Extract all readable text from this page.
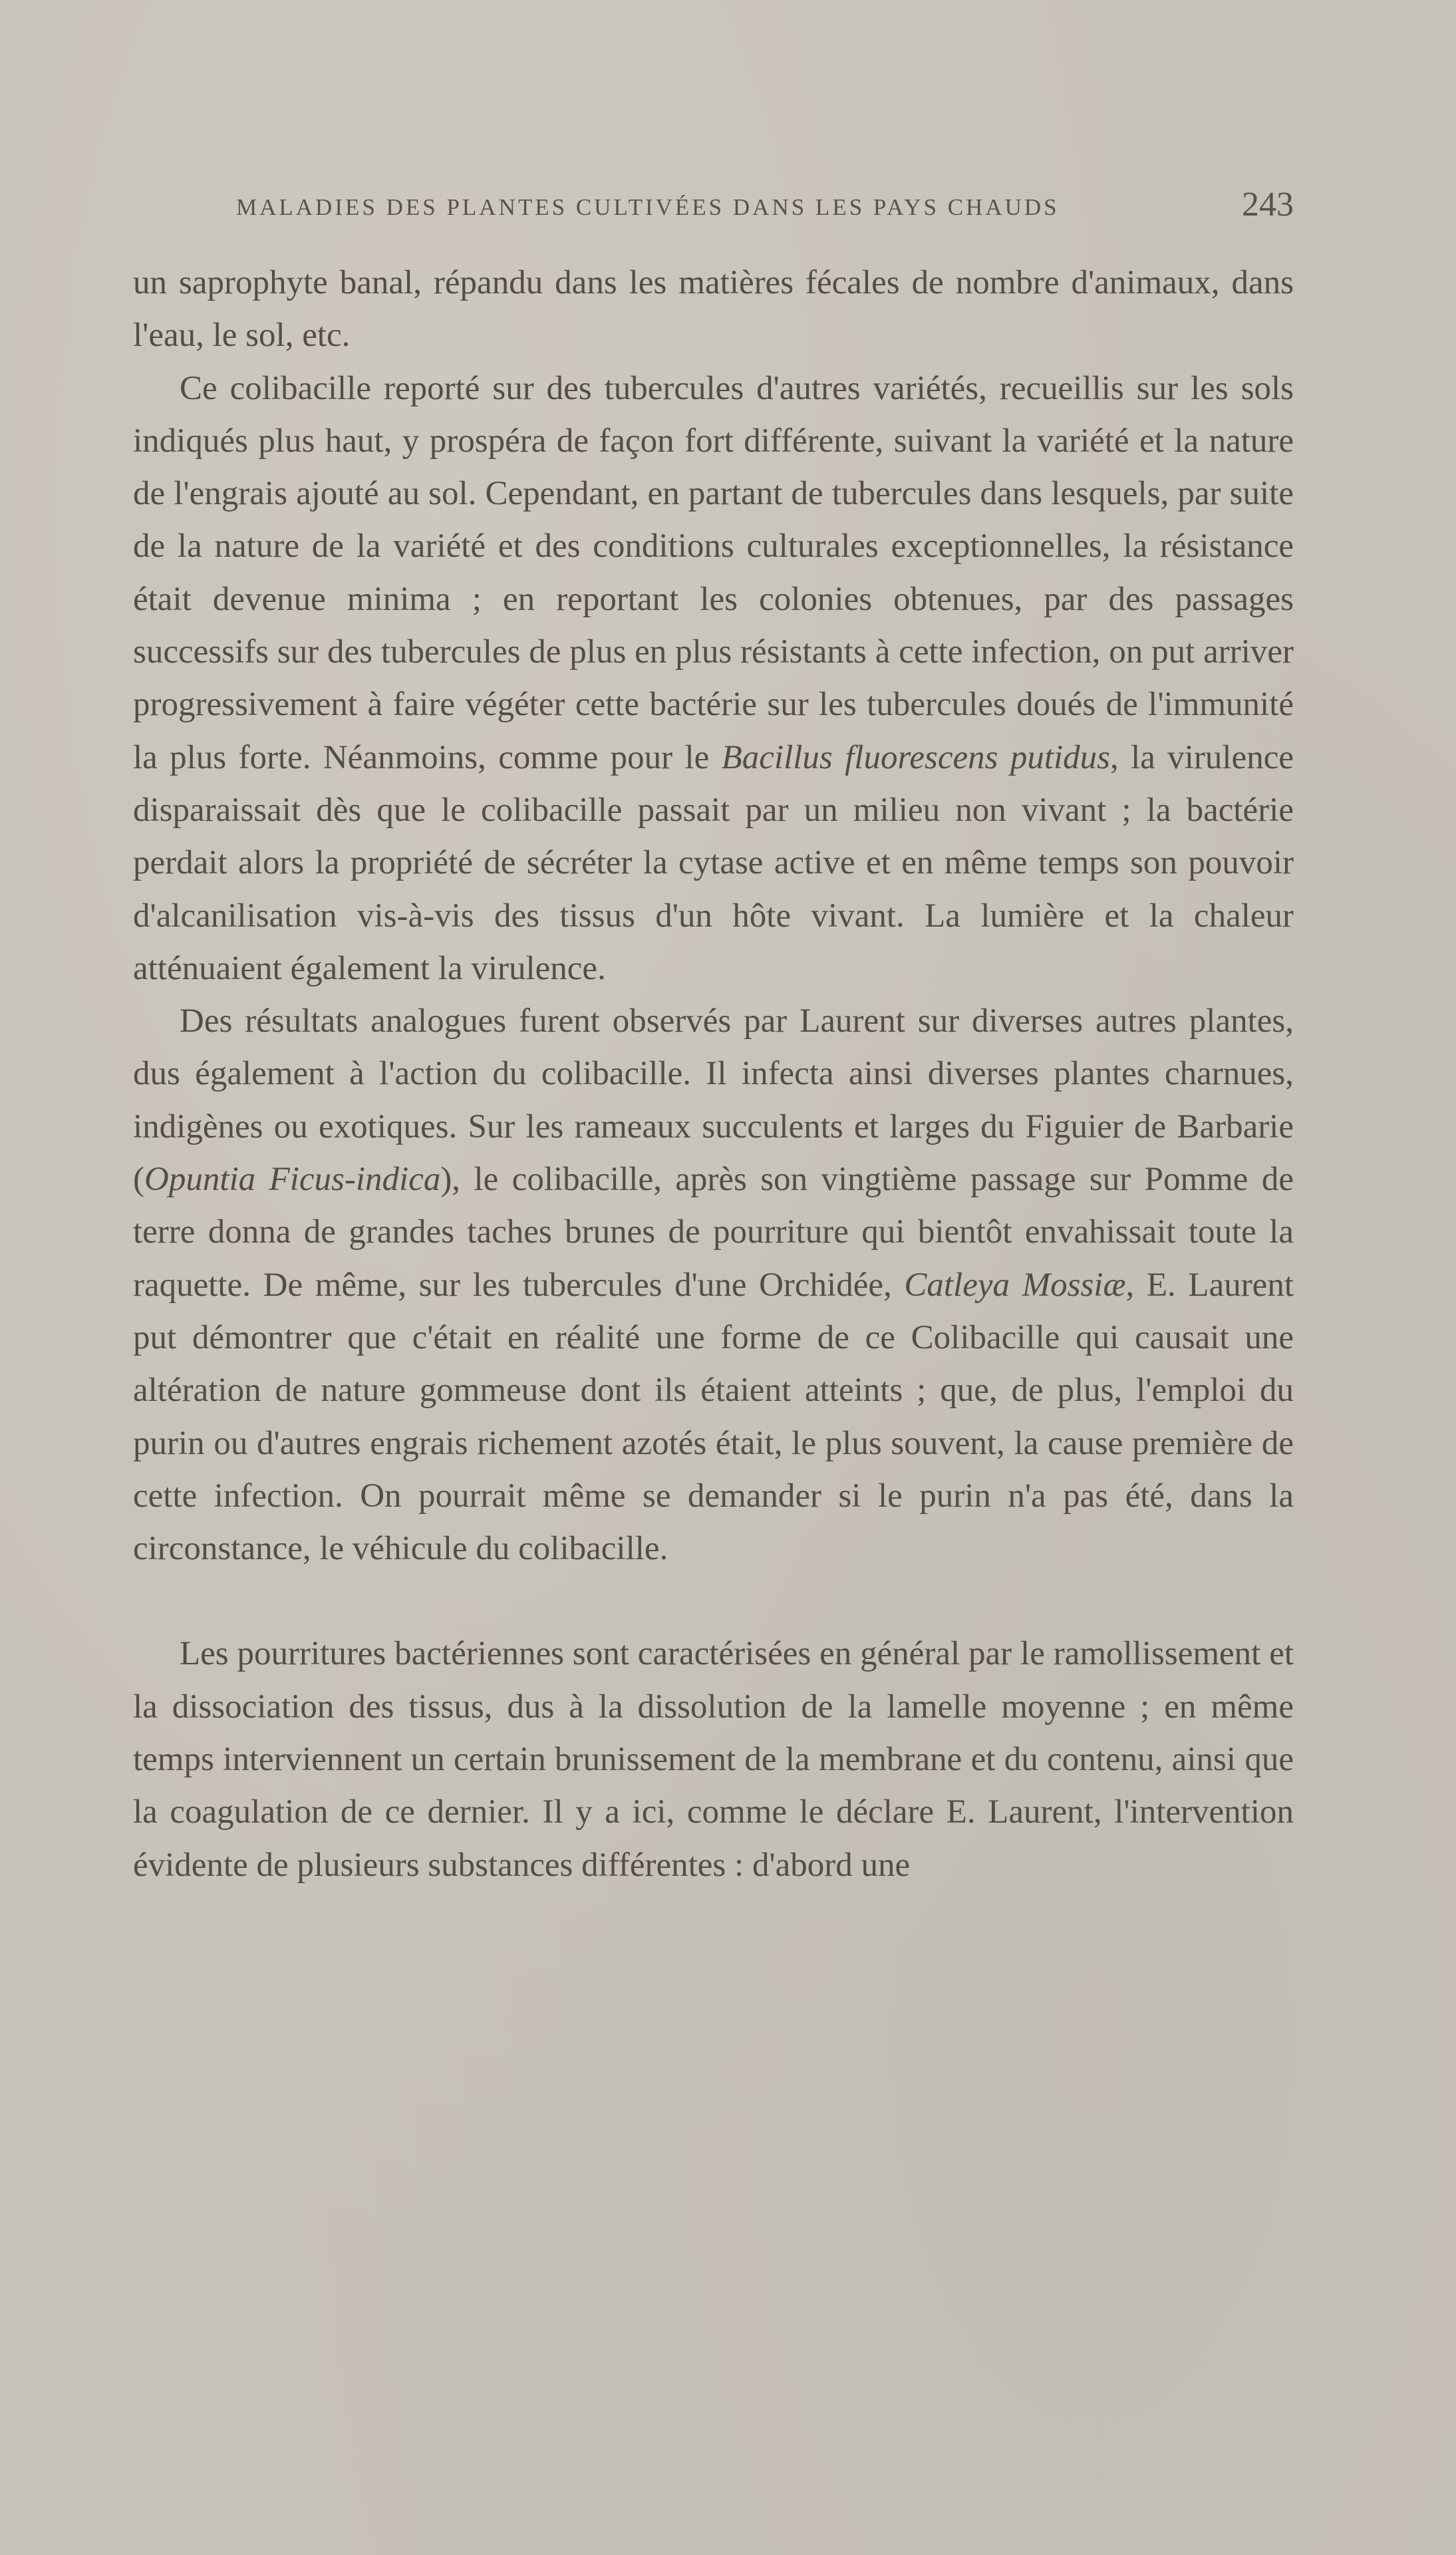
MALADIES DES PLANTES CULTIVÉES DANS LES PAYS CHAUDS	243

un saprophyte banal, répandu dans les matières fécales de nombre d'animaux, dans l'eau, le sol, etc.

Ce colibacille reporté sur des tubercules d'autres variétés, recueillis sur les sols indiqués plus haut, y prospéra de façon fort différente, suivant la variété et la nature de l'engrais ajouté au sol. Cependant, en partant de tubercules dans lesquels, par suite de la nature de la variété et des conditions culturales exceptionnelles, la résistance était devenue minima ; en reportant les colonies obtenues, par des passages successifs sur des tubercules de plus en plus résistants à cette infection, on put arriver progressivement à faire végéter cette bactérie sur les tubercules doués de l'immunité la plus forte. Néanmoins, comme pour le Bacillus fluorescens putidus, la virulence disparaissait dès que le colibacille passait par un milieu non vivant ; la bactérie perdait alors la propriété de sécréter la cytase active et en même temps son pouvoir d'alcanilisation vis-à-vis des tissus d'un hôte vivant. La lumière et la chaleur atténuaient également la virulence.

Des résultats analogues furent observés par Laurent sur diverses autres plantes, dus également à l'action du colibacille. Il infecta ainsi diverses plantes charnues, indigènes ou exotiques. Sur les rameaux succulents et larges du Figuier de Barbarie (Opuntia Ficus-indica), le colibacille, après son vingtième passage sur Pomme de terre donna de grandes taches brunes de pourriture qui bientôt envahissait toute la raquette. De même, sur les tubercules d'une Orchidée, Catleya Mossiæ, E. Laurent put démontrer que c'était en réalité une forme de ce Colibacille qui causait une altération de nature gommeuse dont ils étaient atteints ; que, de plus, l'emploi du purin ou d'autres engrais richement azotés était, le plus souvent, la cause première de cette infection. On pourrait même se demander si le purin n'a pas été, dans la circonstance, le véhicule du colibacille.

Les pourritures bactériennes sont caractérisées en général par le ramollissement et la dissociation des tissus, dus à la dissolution de la lamelle moyenne ; en même temps interviennent un certain brunissement de la membrane et du contenu, ainsi que la coagulation de ce dernier. Il y a ici, comme le déclare E. Laurent, l'intervention évidente de plusieurs substances différentes : d'abord une
